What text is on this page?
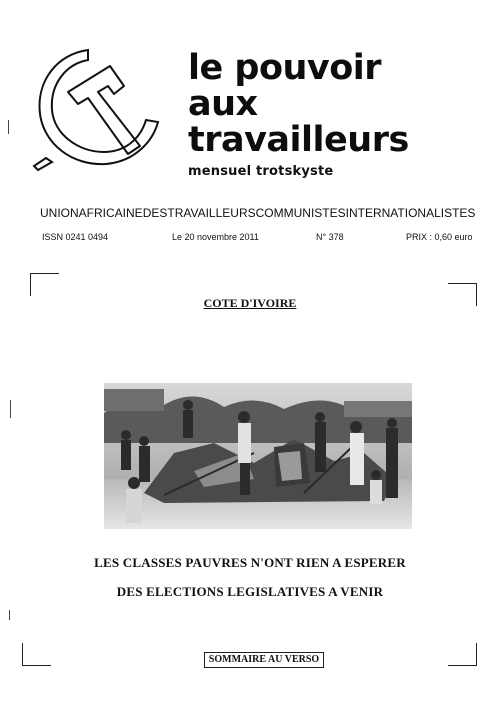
le pouvoir
aux
travailleurs
mensuel trotskyste
UNION AFRICAINE DES TRAVAILLEURS COMMUNISTES INTERNATIONALISTES
ISSN 0241 0494	Le 20 novembre 2011	N° 378	PRIX : 0,60 euro
COTE D'IVOIRE
LES CLASSES PAUVRES N'ONT RIEN A ESPERER
DES ELECTIONS LEGISLATIVES A VENIR
SOMMAIRE AU VERSO
